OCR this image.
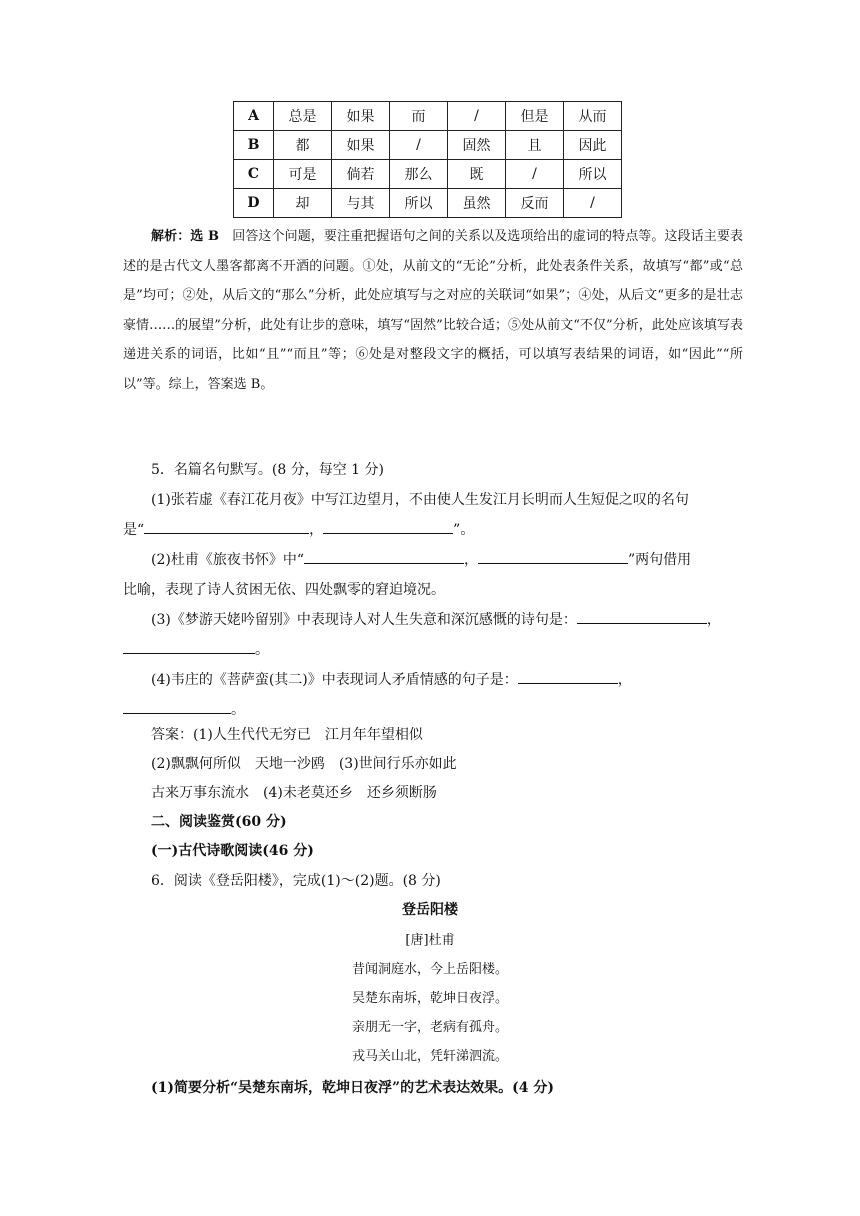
A	总是	如果	而	/	但是	从而
B	都	如果	/	固然	且	因此
C	可是	倘若	那么	既	/	所以
D	却	与其	所以	虽然	反而	/
解析：选 B　回答这个问题，要注重把握语句之间的关系以及选项给出的虚词的特点等。这段话主要表述的是古代文人墨客都离不开酒的问题。①处，从前文的“无论”分析，此处表条件关系，故填写“都”或“总是”均可；②处，从后文的“那么”分析，此处应填写与之对应的关联词“如果”；④处，从后文“更多的是壮志豪情……的展望”分析，此处有让步的意味，填写“固然”比较合适；⑤处从前文“不仅”分析，此处应该填写表递进关系的词语，比如“且”“而且”等；⑥处是对整段文字的概括，可以填写表结果的词语，如“因此”“所以”等。综上，答案选 B。
5．名篇名句默写。(8 分，每空 1 分)
(1)张若虚《春江花月夜》中写江边望月，不由使人生发江月长明而人生短促之叹的名句
是“	，	”。
(2)杜甫《旅夜书怀》中“	，	”两句借用
比喻，表现了诗人贫困无依、四处飘零的窘迫境况。
(3)《梦游天姥吟留别》中表现诗人对人生失意和深沉感慨的诗句是：	，
。
(4)韦庄的《菩萨蛮(其二)》中表现词人矛盾情感的句子是：	，
。
答案：(1)人生代代无穷已　江月年年望相似
(2)飘飘何所似　天地一沙鸥　(3)世间行乐亦如此
古来万事东流水　(4)未老莫还乡　还乡须断肠
二、阅读鉴赏(60 分)
(一)古代诗歌阅读(46 分)
6．阅读《登岳阳楼》，完成(1)～(2)题。(8 分)
登岳阳楼
[唐]杜甫
昔闻洞庭水，今上岳阳楼。
吴楚东南坼，乾坤日夜浮。
亲朋无一字，老病有孤舟。
戎马关山北，凭轩涕泗流。
(1)简要分析“吴楚东南坼，乾坤日夜浮”的艺术表达效果。(4 分)
